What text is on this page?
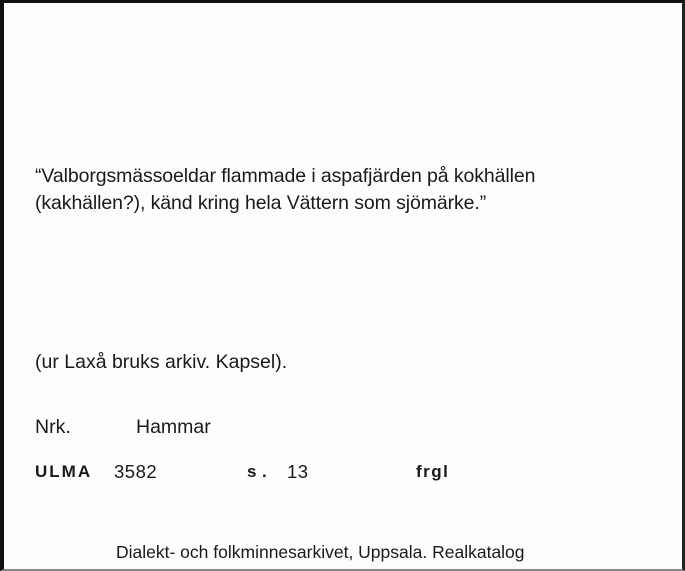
“Valborgsmässoeldar flammade i aspafjärden på kokhällen
(kakhällen?), känd kring hela Vättern som sjömärke.”
(ur Laxå bruks arkiv. Kapsel).
Nrk.	Hammar
ULMA 3582	s . 13	frgl
Dialekt- och folkminnesarkivet, Uppsala. Realkatalog
